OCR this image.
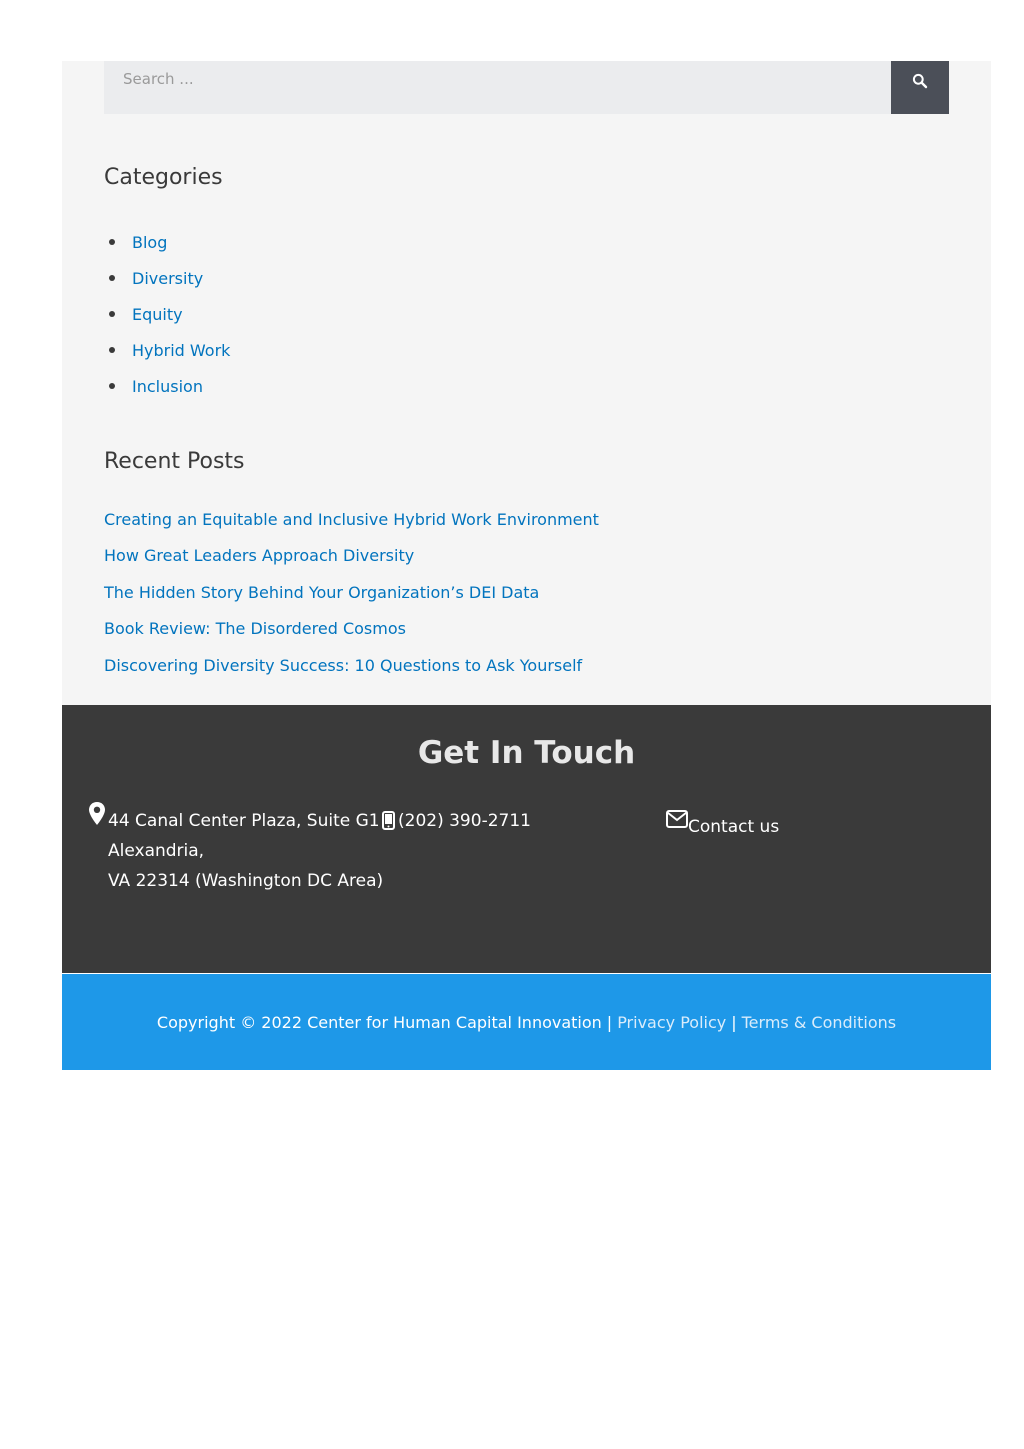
Search ...
Categories
Blog
Diversity
Equity
Hybrid Work
Inclusion
Recent Posts
Creating an Equitable and Inclusive Hybrid Work Environment
How Great Leaders Approach Diversity
The Hidden Story Behind Your Organization’s DEI Data
Book Review: The Disordered Cosmos
Discovering Diversity Success: 10 Questions to Ask Yourself
Get In Touch
44 Canal Center Plaza, Suite G1
Alexandria,
VA 22314 (Washington DC Area)
(202) 390-2711	Contact us
Copyright © 2022 Center for Human Capital Innovation | Privacy Policy | Terms & Conditions
